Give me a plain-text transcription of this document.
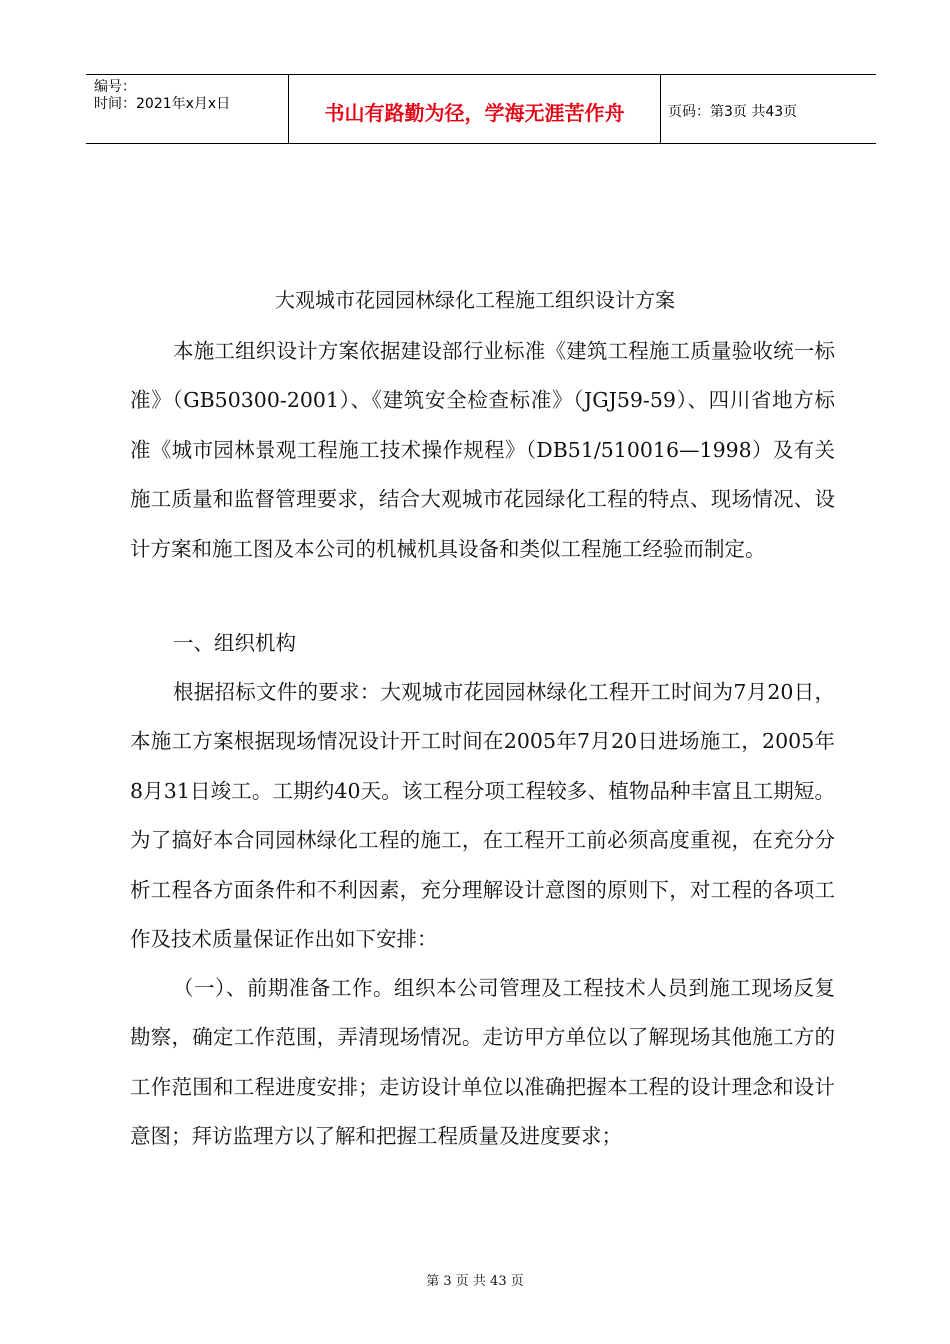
编号：
时间：2021年x月x日	书山有路勤为径，学海无涯苦作舟	页码：第3页 共43页
大观城市花园园林绿化工程施工组织设计方案

本施工组织设计方案依据建设部行业标准《建筑工程施工质量验收统一标准》（GB50300-2001）、《建筑安全检查标准》（JGJ59-59）、四川省地方标准《城市园林景观工程施工技术操作规程》（DB51/510016—1998）及有关施工质量和监督管理要求，结合大观城市花园绿化工程的特点、现场情况、设计方案和施工图及本公司的机械机具设备和类似工程施工经验而制定。

一、组织机构

根据招标文件的要求：大观城市花园园林绿化工程开工时间为7月20日，本施工方案根据现场情况设计开工时间在2005年7月20日进场施工，2005年8月31日竣工。工期约40天。该工程分项工程较多、植物品种丰富且工期短。为了搞好本合同园林绿化工程的施工，在工程开工前必须高度重视，在充分分析工程各方面条件和不利因素，充分理解设计意图的原则下，对工程的各项工作及技术质量保证作出如下安排：

（一）、前期准备工作。组织本公司管理及工程技术人员到施工现场反复勘察，确定工作范围，弄清现场情况。走访甲方单位以了解现场其他施工方的工作范围和工程进度安排；走访设计单位以准确把握本工程的设计理念和设计意图；拜访监理方以了解和把握工程质量及进度要求；

第 3 页 共 43 页
